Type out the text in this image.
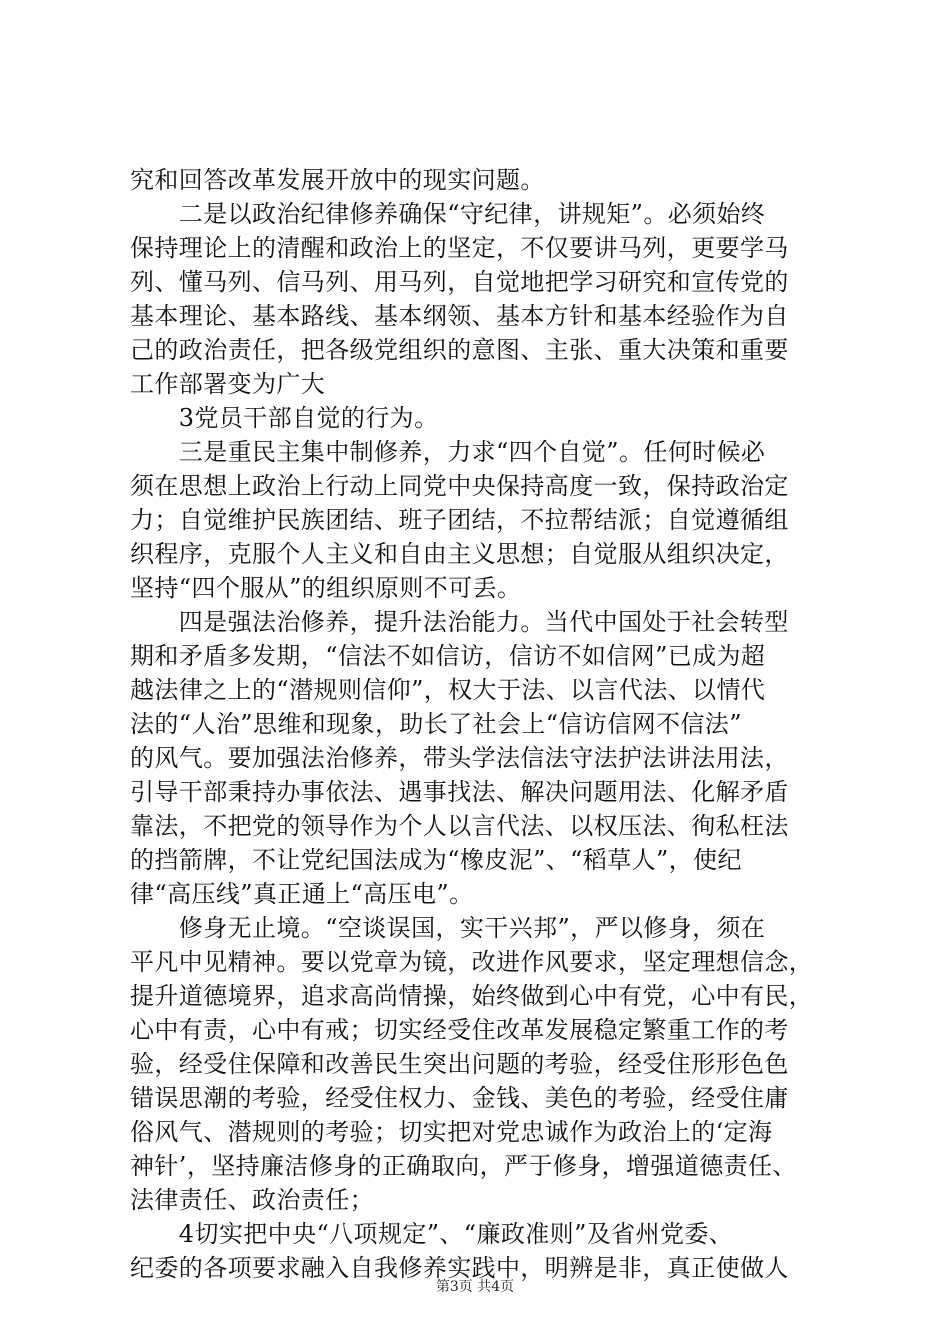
究和回答改革发展开放中的现实问题。
　　二是以政治纪律修养确保“守纪律，讲规矩”。必须始终
保持理论上的清醒和政治上的坚定，不仅要讲马列，更要学马
列、懂马列、信马列、用马列，自觉地把学习研究和宣传党的
基本理论、基本路线、基本纲领、基本方针和基本经验作为自
己的政治责任，把各级党组织的意图、主张、重大决策和重要
工作部署变为广大
　　3党员干部自觉的行为。
　　三是重民主集中制修养，力求“四个自觉”。任何时候必
须在思想上政治上行动上同党中央保持高度一致，保持政治定
力；自觉维护民族团结、班子团结，不拉帮结派；自觉遵循组
织程序，克服个人主义和自由主义思想；自觉服从组织决定，
坚持“四个服从”的组织原则不可丢。
　　四是强法治修养，提升法治能力。当代中国处于社会转型
期和矛盾多发期，“信法不如信访，信访不如信网”已成为超
越法律之上的“潜规则信仰”，权大于法、以言代法、以情代
法的“人治”思维和现象，助长了社会上“信访信网不信法”
的风气。要加强法治修养，带头学法信法守法护法讲法用法，
引导干部秉持办事依法、遇事找法、解决问题用法、化解矛盾
靠法，不把党的领导作为个人以言代法、以权压法、徇私枉法
的挡箭牌，不让党纪国法成为“橡皮泥”、“稻草人”，使纪
律“高压线”真正通上“高压电”。
　　修身无止境。“空谈误国，实干兴邦”，严以修身，须在
平凡中见精神。要以党章为镜，改进作风要求，坚定理想信念，
提升道德境界，追求高尚情操，始终做到心中有党，心中有民，
心中有责，心中有戒；切实经受住改革发展稳定繁重工作的考
验，经受住保障和改善民生突出问题的考验，经受住形形色色
错误思潮的考验，经受住权力、金钱、美色的考验，经受住庸
俗风气、潜规则的考验；切实把对党忠诚作为政治上的‘定海
神针’，坚持廉洁修身的正确取向，严于修身，增强道德责任、
法律责任、政治责任；
　　4切实把中央“八项规定”、“廉政准则”及省州党委、
纪委的各项要求融入自我修养实践中，明辨是非，真正使做人
第3页 共4页
